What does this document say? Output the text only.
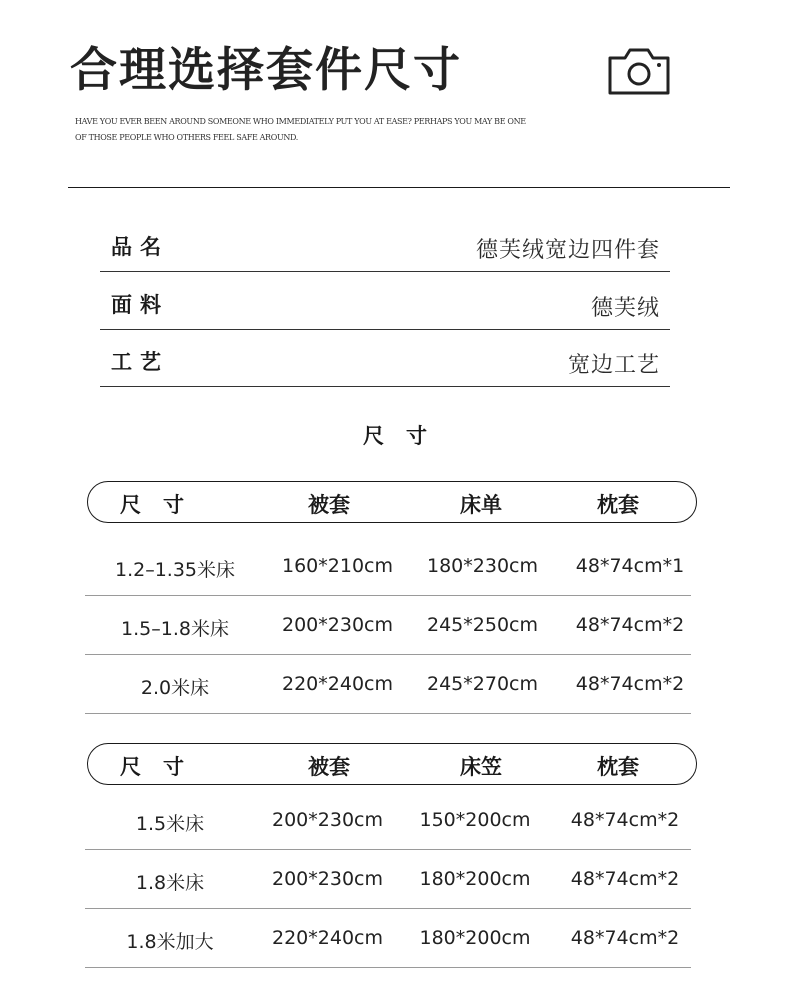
合理选择套件尺寸
HAVE YOU EVER BEEN AROUND SOMEONE WHO IMMEDIATELY PUT YOU AT EASE? PERHAPS YOU MAY BE ONE OF THOSE PEOPLE WHO OTHERS FEEL SAFE AROUND.
品名	德芙绒宽边四件套
面料	德芙绒
工艺	宽边工艺
尺寸
尺寸	被套	床单	枕套
1.2–1.35米床	160*210cm	180*230cm	48*74cm*1
1.5–1.8米床	200*230cm	245*250cm	48*74cm*2
2.0米床	220*240cm	245*270cm	48*74cm*2
尺寸	被套	床笠	枕套
1.5米床	200*230cm	150*200cm	48*74cm*2
1.8米床	200*230cm	180*200cm	48*74cm*2
1.8米加大	220*240cm	180*200cm	48*74cm*2
